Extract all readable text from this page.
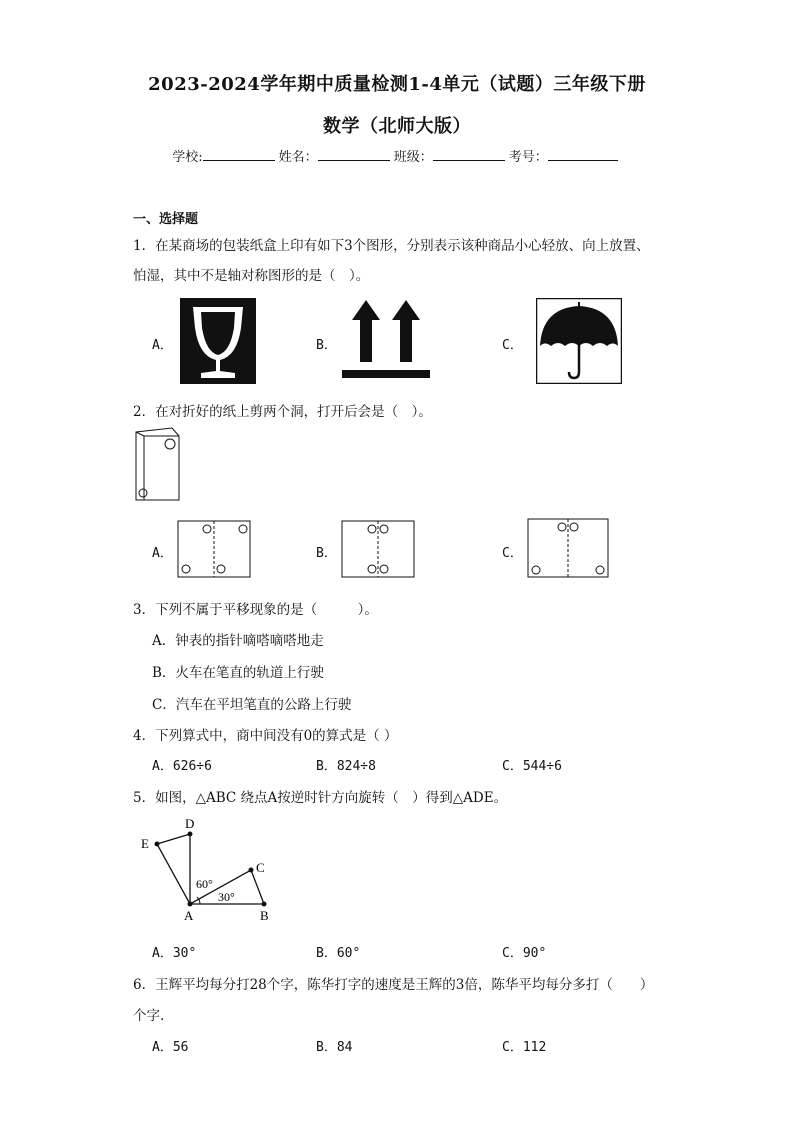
2023-2024学年期中质量检测1-4单元（试题）三年级下册
数学（北师大版）
学校:	姓名：	班级：	考号：
一、选择题
1．在某商场的包装纸盒上印有如下3个图形，分别表示该种商品小心轻放、向上放置、
怕湿，其中不是轴对称图形的是（　）。
A．	B．	C．
2．在对折好的纸上剪两个洞，打开后会是（　）。
A．	B．	C．
3．下列不属于平移现象的是（　　　）。
A．钟表的指针嘀嗒嘀嗒地走
B．火车在笔直的轨道上行驶
C．汽车在平坦笔直的公路上行驶
4．下列算式中，商中间没有0的算式是（ ）
A．626÷6	B．824÷8	C．544÷6
5．如图，△ABC 绕点A按逆时针方向旋转（　）得到△ADE。
D
E
C
A	B
60°
30°
A．30°	B．60°	C．90°
6．王辉平均每分打28个字，陈华打字的速度是王辉的3倍，陈华平均每分多打（　　）
个字.
A．56	B．84	C．112
